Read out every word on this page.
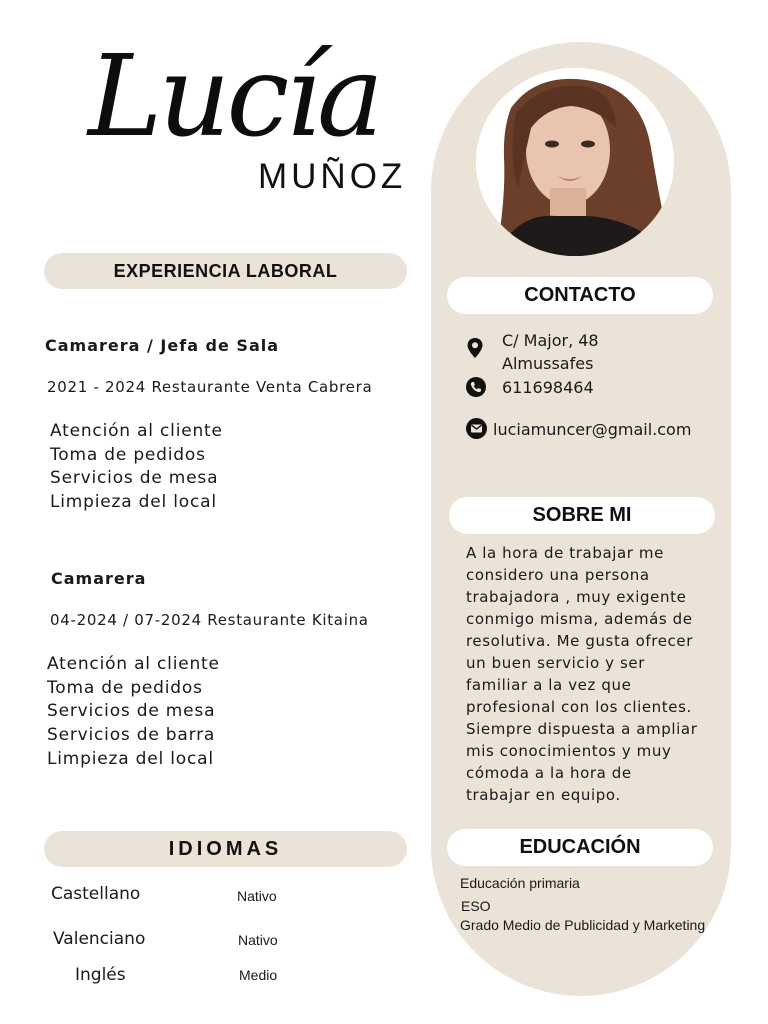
Lucía
MUÑOZ
EXPERIENCIA LABORAL
Camarera / Jefa de Sala
2021 - 2024 Restaurante Venta Cabrera
Atención al cliente
Toma de pedidos
Servicios de mesa
Limpieza del local
Camarera
04-2024 / 07-2024 Restaurante Kitaina
Atención al cliente
Toma de pedidos
Servicios de mesa
Servicios de barra
Limpieza del local
IDIOMAS
Castellano	Nativo
Valenciano	Nativo
Inglés	Medio
CONTACTO
C/ Major, 48
Almussafes
611698464
luciamuncer@gmail.com
SOBRE MI
A la hora de trabajar me
considero una persona
trabajadora , muy exigente
conmigo misma, además de
resolutiva. Me gusta ofrecer
un buen servicio y ser
familiar a la vez que
profesional con los clientes.
Siempre dispuesta a ampliar
mis conocimientos y muy
cómoda a la hora de
trabajar en equipo.
EDUCACIÓN
Educación primaria
ESO
Grado Medio de Publicidad y Marketing
